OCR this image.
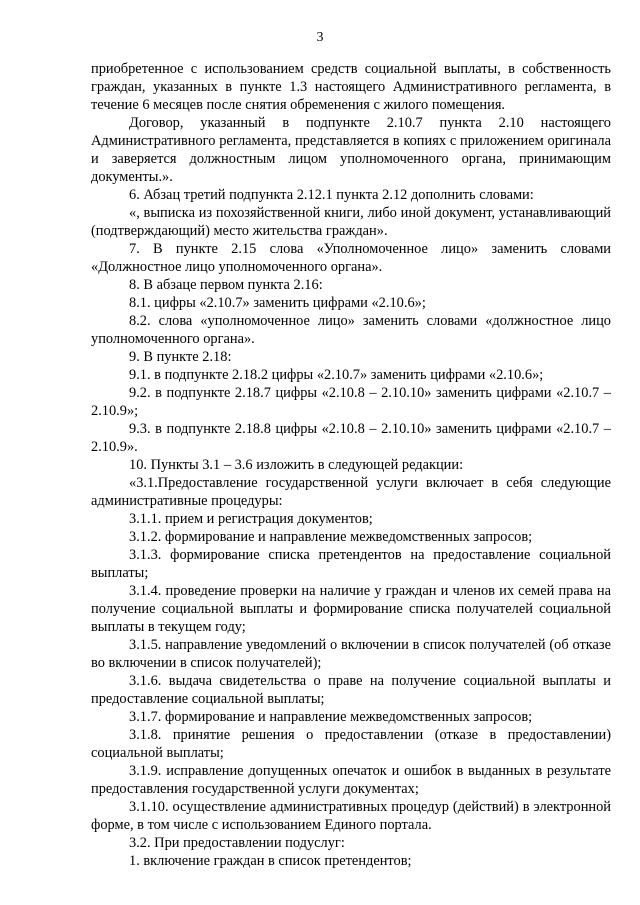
3

приобретенное с использованием средств социальной выплаты, в собственность граждан, указанных в пункте 1.3 настоящего Административного регламента, в течение 6 месяцев после снятия обременения с жилого помещения.

Договор, указанный в подпункте 2.10.7 пункта 2.10 настоящего Административного регламента, представляется в копиях с приложением оригинала и заверяется должностным лицом уполномоченного органа, принимающим документы.».

6. Абзац третий подпункта 2.12.1 пункта 2.12 дополнить словами:

«, выписка из похозяйственной книги, либо иной документ, устанавливающий (подтверждающий) место жительства граждан».

7. В пункте 2.15 слова «Уполномоченное лицо» заменить словами «Должностное лицо уполномоченного органа».

8. В абзаце первом пункта 2.16:

8.1. цифры «2.10.7» заменить цифрами «2.10.6»;

8.2. слова «уполномоченное лицо» заменить словами «должностное лицо уполномоченного органа».

9. В пункте 2.18:

9.1. в подпункте 2.18.2 цифры «2.10.7» заменить цифрами «2.10.6»;

9.2. в подпункте 2.18.7 цифры «2.10.8 – 2.10.10» заменить цифрами «2.10.7 – 2.10.9»;

9.3. в подпункте 2.18.8 цифры «2.10.8 – 2.10.10» заменить цифрами «2.10.7 – 2.10.9».

10. Пункты 3.1 – 3.6 изложить в следующей редакции:

«3.1.Предоставление государственной услуги включает в себя следующие административные процедуры:

3.1.1. прием и регистрация документов;

3.1.2. формирование и направление межведомственных запросов;

3.1.3. формирование списка претендентов на предоставление социальной выплаты;

3.1.4. проведение проверки на наличие у граждан и членов их семей права на получение социальной выплаты и формирование списка получателей социальной выплаты в текущем году;

3.1.5. направление уведомлений о включении в список получателей (об отказе во включении в список получателей);

3.1.6. выдача свидетельства о праве на получение социальной выплаты и предоставление социальной выплаты;

3.1.7. формирование и направление межведомственных запросов;

3.1.8. принятие решения о предоставлении (отказе в предоставлении) социальной выплаты;

3.1.9. исправление допущенных опечаток и ошибок в выданных в результате предоставления государственной услуги документах;

3.1.10. осуществление административных процедур (действий) в электронной форме, в том числе с использованием Единого портала.

3.2. При предоставлении подуслуг:

1. включение граждан в список претендентов;
